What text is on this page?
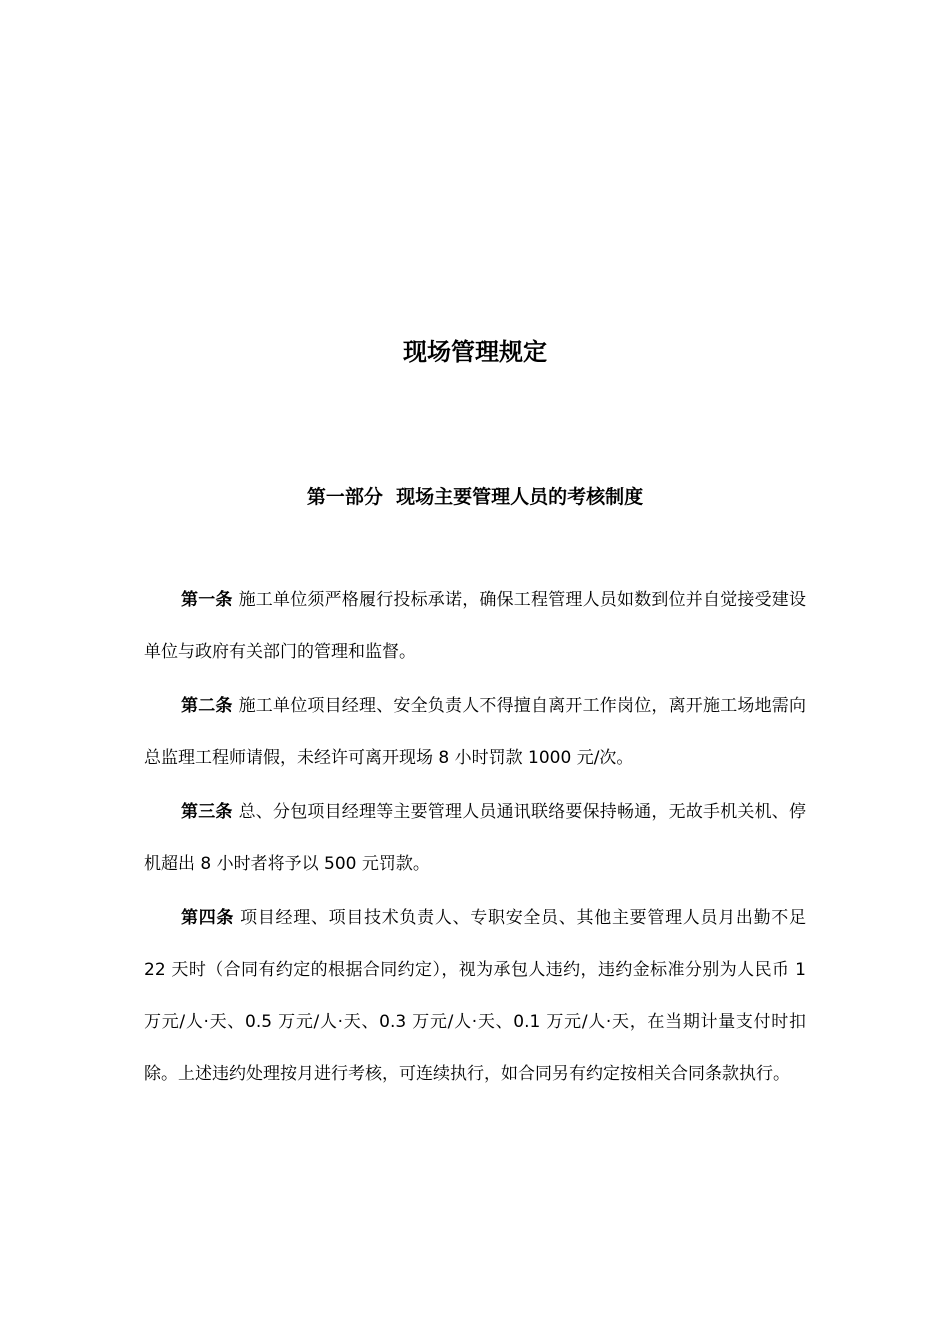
现场管理规定
第一部分  现场主要管理人员的考核制度

第一条 施工单位须严格履行投标承诺，确保工程管理人员如数到位并自觉接受建设单位与政府有关部门的管理和监督。

第二条 施工单位项目经理、安全负责人不得擅自离开工作岗位，离开施工场地需向总监理工程师请假，未经许可离开现场 8 小时罚款 1000 元/次。

第三条 总、分包项目经理等主要管理人员通讯联络要保持畅通，无故手机关机、停机超出 8 小时者将予以 500 元罚款。

第四条 项目经理、项目技术负责人、专职安全员、其他主要管理人员月出勤不足 22 天时（合同有约定的根据合同约定），视为承包人违约，违约金标准分别为人民币 1 万元/人·天、0.5 万元/人·天、0.3 万元/人·天、0.1 万元/人·天，在当期计量支付时扣除。上述违约处理按月进行考核，可连续执行，如合同另有约定按相关合同条款执行。
